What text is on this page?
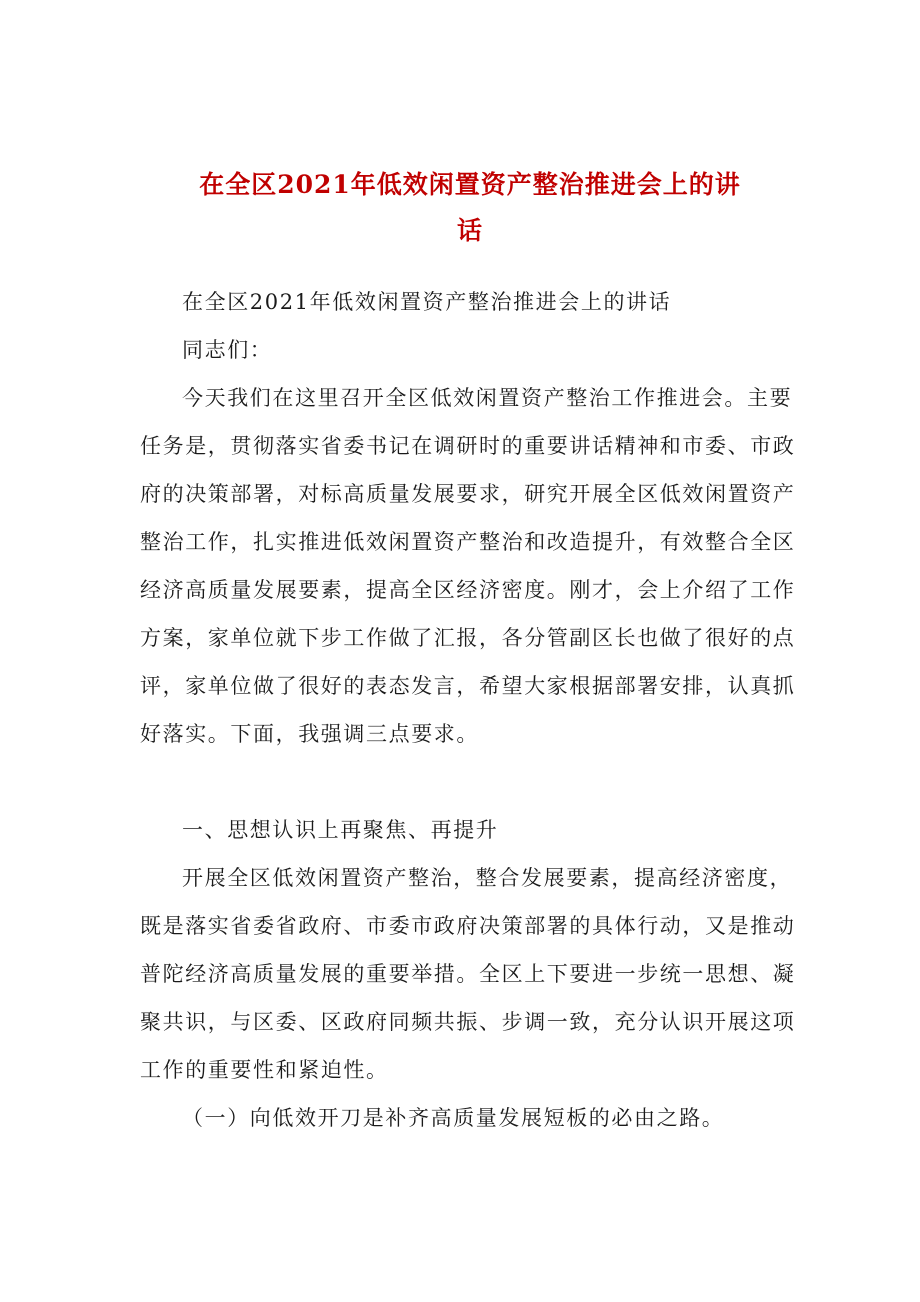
在全区2021年低效闲置资产整治推进会上的讲
话

在全区2021年低效闲置资产整治推进会上的讲话

同志们：

今天我们在这里召开全区低效闲置资产整治工作推进会。主要任务是，贯彻落实省委书记在调研时的重要讲话精神和市委、市政府的决策部署，对标高质量发展要求，研究开展全区低效闲置资产整治工作，扎实推进低效闲置资产整治和改造提升，有效整合全区经济高质量发展要素，提高全区经济密度。刚才，会上介绍了工作方案，家单位就下步工作做了汇报，各分管副区长也做了很好的点评，家单位做了很好的表态发言，希望大家根据部署安排，认真抓好落实。下面，我强调三点要求。

一、思想认识上再聚焦、再提升

开展全区低效闲置资产整治，整合发展要素，提高经济密度，既是落实省委省政府、市委市政府决策部署的具体行动，又是推动普陀经济高质量发展的重要举措。全区上下要进一步统一思想、凝聚共识，与区委、区政府同频共振、步调一致，充分认识开展这项工作的重要性和紧迫性。

（一）向低效开刀是补齐高质量发展短板的必由之路。
